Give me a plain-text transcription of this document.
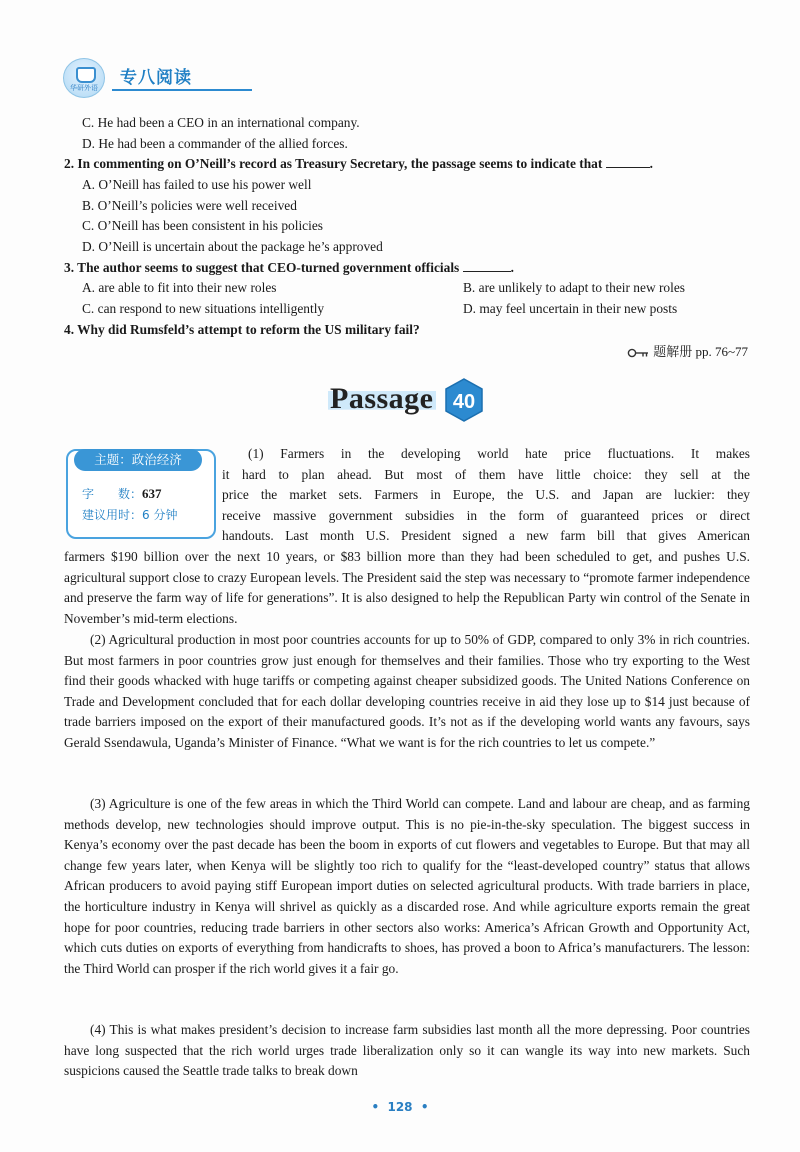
华研外语	专八阅读
C. He had been a CEO in an international company.
D. He had been a commander of the allied forces.
2. In commenting on O’Neill’s record as Treasury Secretary, the passage seems to indicate that	.
A. O’Neill has failed to use his power well
B. O’Neill’s policies were well received
C. O’Neill has been consistent in his policies
D. O’Neill is uncertain about the package he’s approved
3. The author seems to suggest that CEO-turned government officials	.
A. are able to fit into their new roles	B. are unlikely to adapt to their new roles
C. can respond to new situations intelligently	D. may feel uncertain in their new posts
4. Why did Rumsfeld’s attempt to reform the US military fail?
题解册 pp. 76~77
Passage 40
主题：政治经济
字　　数：637
建议用时：6 分钟
(1) Farmers in the developing world hate price fluctuations. It makes
it hard to plan ahead. But most of them have little choice: they sell at the
price the market sets. Farmers in Europe, the U.S. and Japan are luckier: they
receive massive government subsidies in the form of guaranteed prices or direct
handouts. Last month U.S. President signed a new farm bill that gives American
farmers $190 billion over the next 10 years, or $83 billion more than they had been scheduled to get, and pushes U.S. agricultural support close to crazy European levels. The President said the step was necessary to “promote farmer independence and preserve the farm way of life for generations”. It is also designed to help the Republican Party win control of the Senate in November’s mid-term elections.
(2) Agricultural production in most poor countries accounts for up to 50% of GDP, compared to only 3% in rich countries. But most farmers in poor countries grow just enough for themselves and their families. Those who try exporting to the West find their goods whacked with huge tariffs or competing against cheaper subsidized goods. The United Nations Conference on Trade and Development concluded that for each dollar developing countries receive in aid they lose up to $14 just because of trade barriers imposed on the export of their manufactured goods. It’s not as if the developing world wants any favours, says Gerald Ssendawula, Uganda’s Minister of Finance. “What we want is for the rich countries to let us compete.”
(3) Agriculture is one of the few areas in which the Third World can compete. Land and labour are cheap, and as farming methods develop, new technologies should improve output. This is no pie-in-the-sky speculation. The biggest success in Kenya’s economy over the past decade has been the boom in exports of cut flowers and vegetables to Europe. But that may all change few years later, when Kenya will be slightly too rich to qualify for the “least-developed country” status that allows African producers to avoid paying stiff European import duties on selected agricultural products. With trade barriers in place, the horticulture industry in Kenya will shrivel as quickly as a discarded rose. And while agriculture exports remain the great hope for poor countries, reducing trade barriers in other sectors also works: America’s African Growth and Opportunity Act, which cuts duties on exports of everything from handicrafts to shoes, has proved a boon to Africa’s manufacturers. The lesson: the Third World can prosper if the rich world gives it a fair go.
(4) This is what makes president’s decision to increase farm subsidies last month all the more depressing. Poor countries have long suspected that the rich world urges trade liberalization only so it can wangle its way into new markets. Such suspicions caused the Seattle trade talks to break down
•  128  •
